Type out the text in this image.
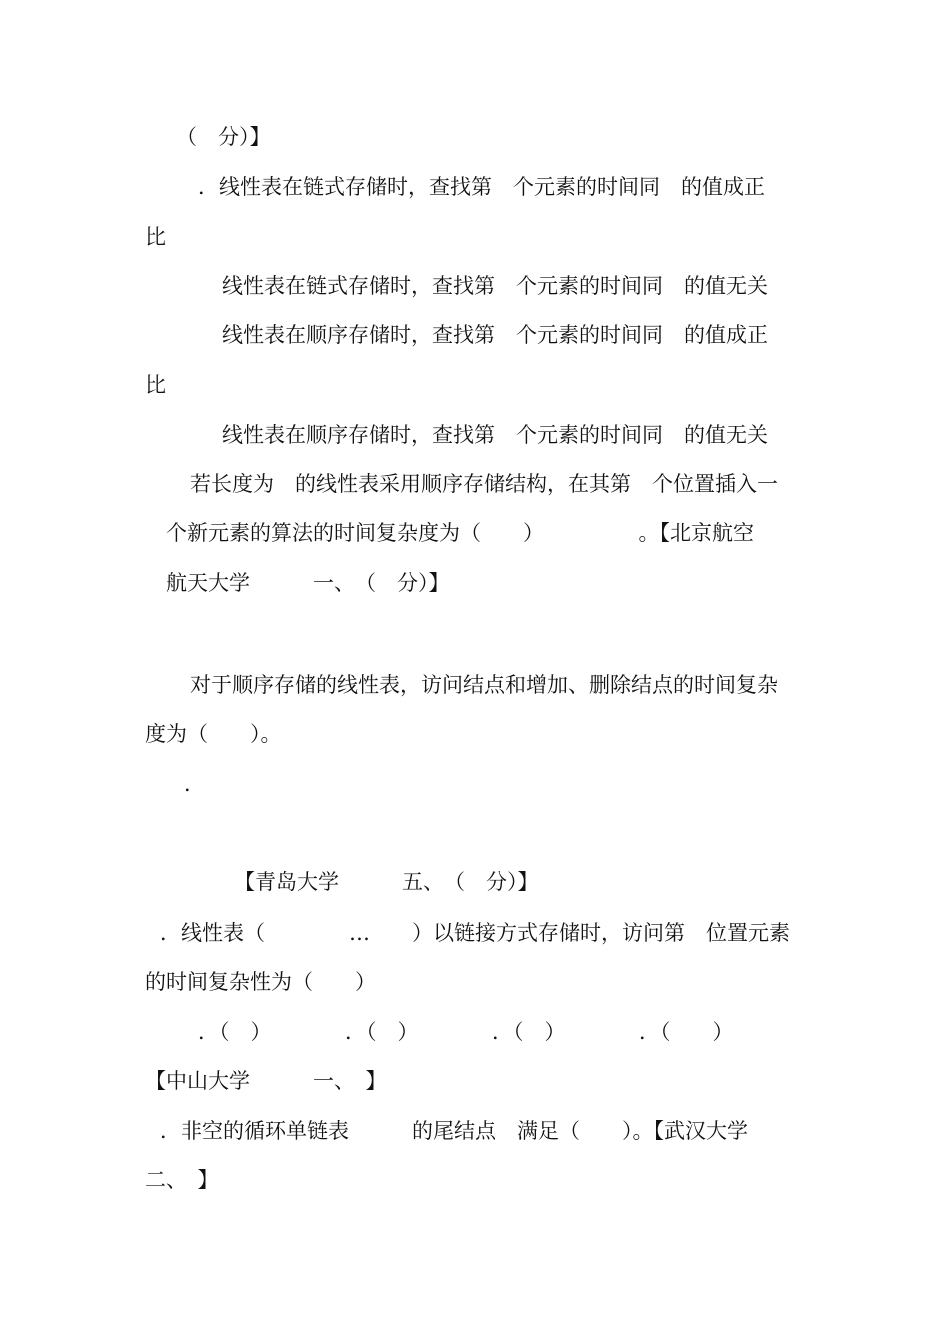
（　分）】
．线性表在链式存储时，查找第　个元素的时间同　的值成正
比
线性表在链式存储时，查找第　个元素的时间同　的值无关
线性表在顺序存储时，查找第　个元素的时间同　的值成正
比
线性表在顺序存储时，查找第　个元素的时间同　的值无关
若长度为　的线性表采用顺序存储结构，在其第　个位置插入一
个新元素的算法的时间复杂度为（　　）　　　　　。【北京航空
航天大学　　　一、　（　分）】
对于顺序存储的线性表，访问结点和增加、删除结点的时间复杂
度为（　　）。
．
【青岛大学　　　五、　（　分）】
．线性表（　　　　…　　）以链接方式存储时，访问第　位置元素
的时间复杂性为（　　）
．（　）　　　　．（　）　　　　．（　）　　　　．（　　）
【中山大学　　　一、　】
．非空的循环单链表　　　的尾结点　满足（　　）。【武汉大学
二、　】
